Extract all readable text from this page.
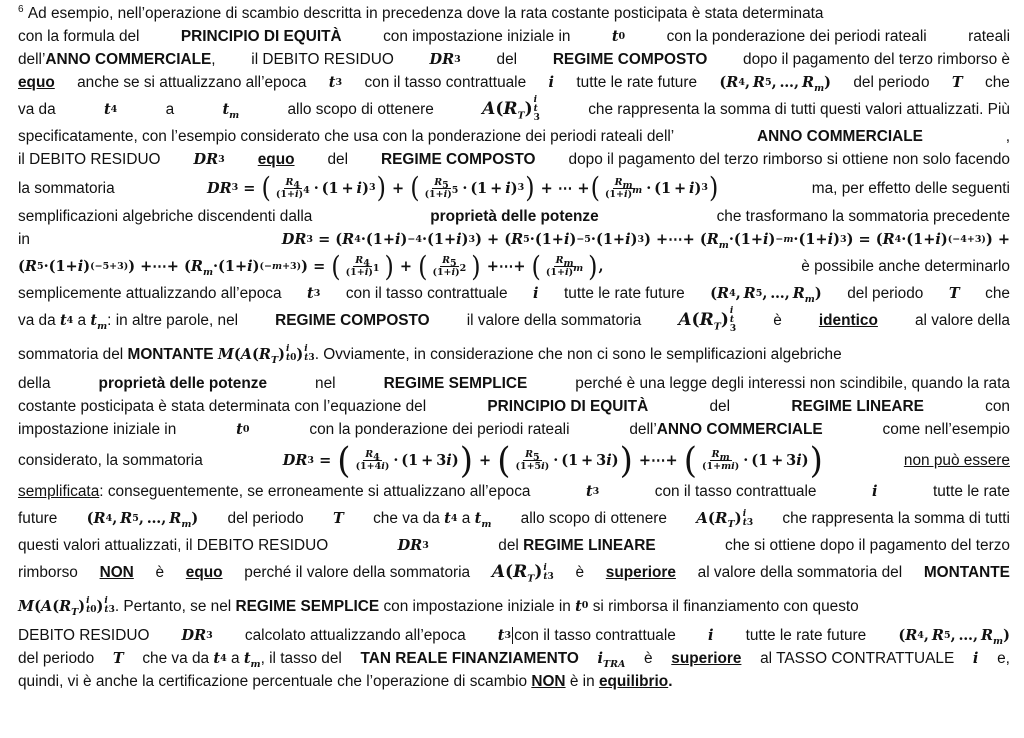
$^6$ Ad esempio, nell’operazione di scambio descritta in precedenza dove la rata costante posticipata è stata determinata
con la formula del	PRINCIPIO DI EQUITÀ	con impostazione iniziale in	t 0	con la ponderazione dei periodi rateali	rateali
dell’ANNO COMMERCIALE, il DEBITO RESIDUO DR 3 del REGIME COMPOSTO dopo il pagamento del terzo rimborso è
equo anche se si attualizzano all’epoca t 3 con il tasso contrattuale i tutte le rate future ( R 4 ,  R 5 , …,  $R_m$ ) del periodo T che
va da	t 4	a	$t_m$	allo scopo di ottenere	A ( $R_T$ ) i
t
3	che rappresenta la somma di tutti questi valori attualizzati. Più
specificatamente, con l’esempio considerato che usa con la ponderazione dei periodi rateali dell’	ANNO COMMERCIALE	,
il DEBITO RESIDUO DR 3 equo del REGIME COMPOSTO dopo il pagamento del terzo rimborso si ottiene non solo facendo
la sommatoria	DR 3 = ( $\frac{R_4}{(1+i)^4}$ · ( 1  +  i ) 3 ) + ( $\frac{R_5}{(1+i)^5} \cdot (1 + i$ ) 3 ) + ⋯ + ( $\frac{R_m}{(1+i)^m} \cdot (1 + i$ ) 3 )	ma, per effetto delle seguenti
semplificazioni algebriche discendenti dalla	proprietà delle potenze	che trasformano la sommatoria precedente
in	DR 3 = ( R 4 ·(1+ i ) −4 ·(1+ i ) 3 ) + ( R 5 ·(1+ i ) −5 ·(1+ i ) 3 ) +⋯+ ( $R_m \cdot(1+ i$ ) −m ·(1+ i ) 3 ) = ( R 4 ·(1+ i ) (−4+3) ) +
( R 5 ·(1+ i ) (−5+3) ) +⋯+ ( $R_m \cdot(1+ i$ ) (−m+3) ) = ( $\frac{R_4}{(1+i)^1}$ ) + ( $\frac{R_5}{(1+i)^2}$ ) +⋯+ ( $\frac{R_m}{(1+i)^m}$ ) ,	è possibile anche determinarlo
semplicemente attualizzando all’epoca t 3 con il tasso contrattuale i tutte le rate future ( R 4 ,  R 5 , …,  $R_m$ ) del periodo T che
va da t 4 a $t_m$ : in altre parole, nel REGIME COMPOSTO il valore della sommatoria A ( $R_T$ ) i
t
3 è identico al valore della
sommatoria del
MONTANTE
M ( A ( $R_T$ ) i
t0 ) i
t3 . Ovviamente, in considerazione che non ci sono le semplificazioni algebriche
della	proprietà delle potenze	nel	REGIME SEMPLICE	perché è una legge degli interessi non scindibile, quando la rata
costante posticipata è stata determinata con l’equazione del	PRINCIPIO DI EQUITÀ	del	REGIME LINEARE	con
impostazione iniziale in	t 0	con la ponderazione dei periodi rateali	dell’ANNO COMMERCIALE	come nell’esempio
considerato, la sommatoria	DR 3 = ( $\frac{R_4}{(1+4i)} \cdot (1 + 3$ i ) ) + ( $\frac{R_5}{(1+5i)} \cdot (1 + 3$ i ) ) +⋯+ ( $\frac{R_m}{(1+mi)} \cdot (1 + 3$ i ) )	non può essere
semplificata: conseguentemente, se erroneamente si attualizzano all’epoca	t 3	con il tasso contrattuale	i	tutte le rate
future ( R 4 ,  R 5 , …,  $R_m$ ) del periodo T che va da t 4 a $t_m$ allo scopo di ottenere A ( $R_T$ ) i
t3 che rappresenta la somma di tutti
questi valori attualizzati, il DEBITO RESIDUO	DR 3	del REGIME LINEARE	che si ottiene dopo il pagamento del terzo
rimborso NON è equo perché il valore della sommatoria A ( $R_T$ ) i
t3 è superiore al valore della sommatoria del MONTANTE
M ( A ( $R_T$ ) i
t0 ) i
t3 . Pertanto, se nel
REGIME SEMPLICE
con impostazione iniziale in
t 0
si rimborsa il finanziamento con questo
DEBITO RESIDUO DR 3 calcolato attualizzando all’epoca t 3 con il tasso contrattuale i tutte le rate future ( R 4 ,  R 5 , …,  $R_m$ )
del periodo T che va da t 4 a $t_m$ , il tasso del TAN REALE FINANZIAMENTO $i_{TRA}$ è superiore al TASSO CONTRATTUALE i e,
quindi, vi è anche la certificazione percentuale che l’operazione di scambio
NON
è in
equilibrio .
